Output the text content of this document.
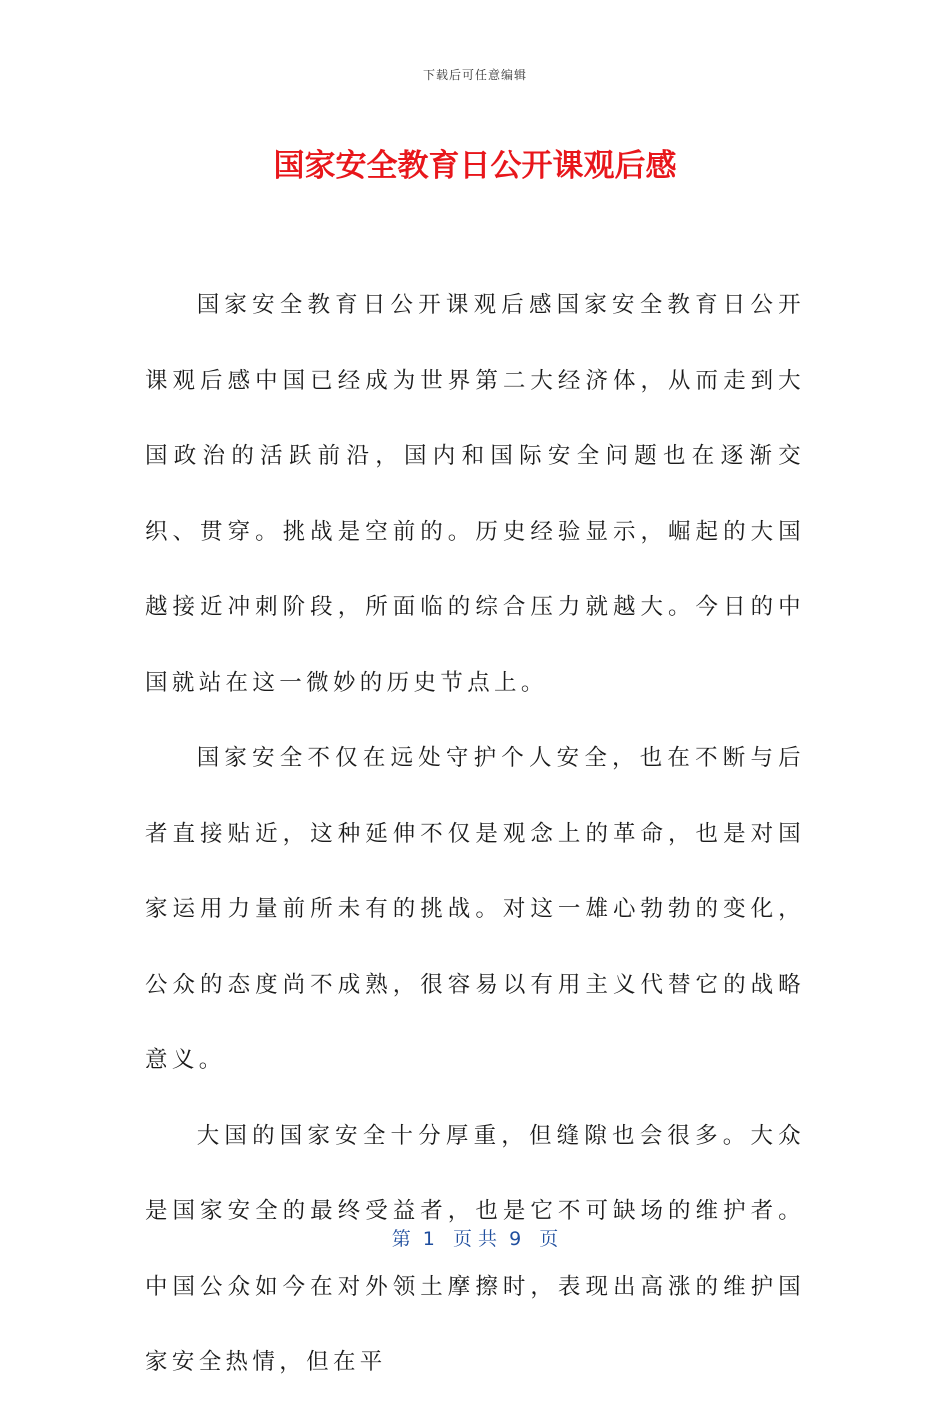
下载后可任意编辑
国家安全教育日公开课观后感

国家安全教育日公开课观后感国家安全教育日公开课观后感中国已经成为世界第二大经济体，从而走到大国政治的活跃前沿，国内和国际安全问题也在逐渐交织、贯穿。挑战是空前的。历史经验显示，崛起的大国越接近冲刺阶段，所面临的综合压力就越大。今日的中国就站在这一微妙的历史节点上。

国家安全不仅在远处守护个人安全，也在不断与后者直接贴近，这种延伸不仅是观念上的革命，也是对国家运用力量前所未有的挑战。对这一雄心勃勃的变化，公众的态度尚不成熟，很容易以有用主义代替它的战略意义。

大国的国家安全十分厚重，但缝隙也会很多。大众是国家安全的最终受益者，也是它不可缺场的维护者。中国公众如今在对外领土摩擦时，表现出高涨的维护国家安全热情，但在平

第  1   页 共  9   页
